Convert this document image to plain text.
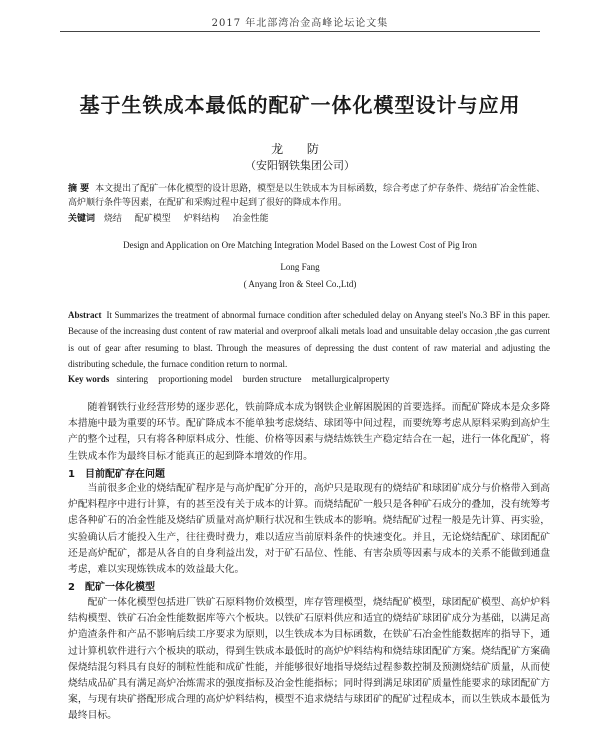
2017 年北部湾冶金高峰论坛论文集
基于生铁成本最低的配矿一体化模型设计与应用
龙 防
（安阳钢铁集团公司）
摘 要 本文提出了配矿一体化模型的设计思路，模型是以生铁成本为目标函数，综合考虑了炉存条件、烧结矿冶金性能、高炉顺行条件等因素，在配矿和采购过程中起到了很好的降成本作用。
关键词 烧结 配矿模型 炉料结构 冶金性能
Design and Application on Ore Matching Integration Model Based on the Lowest Cost of Pig Iron
Long Fang
( Anyang Iron & Steel Co.,Ltd)
Abstract It Summarizes the treatment of abnormal furnace condition after scheduled delay on Anyang steel's No.3 BF in this paper. Because of the increasing dust content of raw material and overproof alkali metals load and unsuitable delay occasion ,the gas current is out of gear after resuming to blast. Through the measures of depressing the dust content of raw material and adjusting the distributing schedule, the furnace condition return to normal.
Key words sintering proportioning model burden structure metallurgicalproperty
随着钢铁行业经营形势的逐步恶化，铁前降成本成为钢铁企业解困脱困的首要选择。而配矿降成本是众多降本措施中最为重要的环节。配矿降成本不能单独考虑烧结、球团等中间过程，而要统筹考虑从原料采购到高炉生产的整个过程，只有将各种原料成分、性能、价格等因素与烧结炼铁生产稳定结合在一起，进行一体化配矿，将生铁成本作为最终目标才能真正的起到降本增效的作用。
1 目前配矿存在问题
当前很多企业的烧结配矿程序是与高炉配矿分开的，高炉只是取现有的烧结矿和球团矿成分与价格带入到高炉配料程序中进行计算，有的甚至没有关于成本的计算。而烧结配矿一般只是各种矿石成分的叠加，没有统筹考虑各种矿石的冶金性能及烧结矿质量对高炉顺行状况和生铁成本的影响。烧结配矿过程一般是先计算、再实验，实验确认后才能投入生产，往往费时费力，难以适应当前原料条件的快速变化。并且，无论烧结配矿、球团配矿还是高炉配矿，都是从各自的自身利益出发，对于矿石品位、性能、有害杂质等因素与成本的关系不能做到通盘考虑，难以实现炼铁成本的效益最大化。
2 配矿一体化模型
配矿一体化模型包括进厂铁矿石原料物价效模型，库存管理模型，烧结配矿模型，球团配矿模型、高炉炉料结构模型、铁矿石冶金性能数据库等六个板块。以铁矿石原料供应和适宜的烧结矿球团矿成分为基础，以满足高炉造渣条件和产品不影响后续工序要求为原则，以生铁成本为目标函数，在铁矿石冶金性能数据库的指导下，通过计算机软件进行六个板块的联动，得到生铁成本最低时的高炉炉料结构和烧结球团配矿方案。烧结配矿方案确保烧结混匀料具有良好的制粒性能和成矿性能，并能够很好地指导烧结过程参数控制及预测烧结矿质量，从而使烧结成品矿具有满足高炉冶炼需求的强度指标及冶金性能指标；同时得到满足球团矿质量性能要求的球团配矿方案，与现有块矿搭配形成合理的高炉炉料结构，模型不追求烧结与球团矿的配矿过程成本，而以生铁成本最低为最终目标。
